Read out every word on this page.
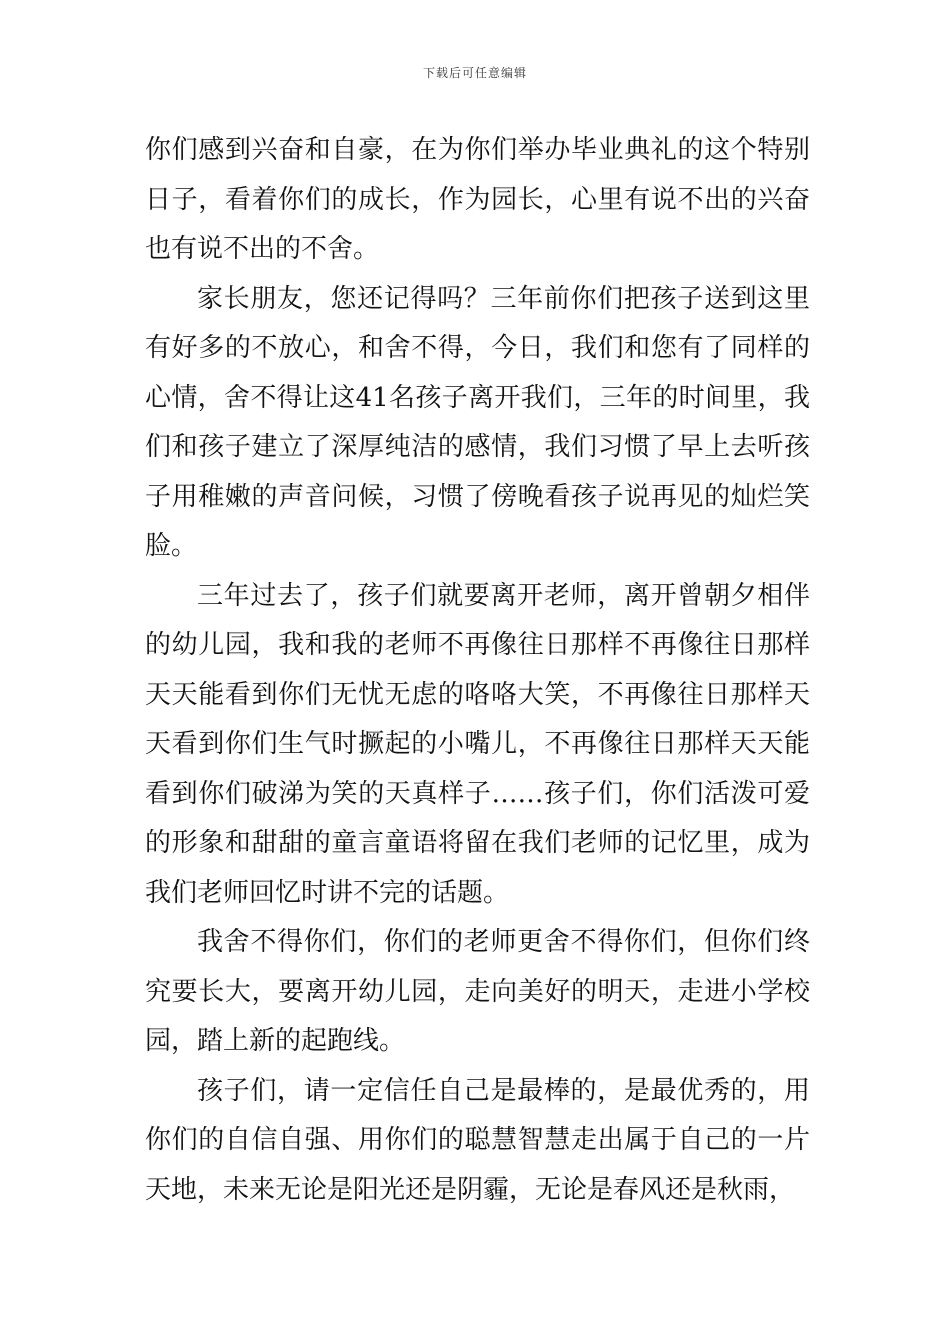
下载后可任意编辑

你们感到兴奋和自豪，在为你们举办毕业典礼的这个特别日子，看着你们的成长，作为园长，心里有说不出的兴奋也有说不出的不舍。

家长朋友，您还记得吗？三年前你们把孩子送到这里有好多的不放心，和舍不得，今日，我们和您有了同样的心情，舍不得让这41名孩子离开我们，三年的时间里，我们和孩子建立了深厚纯洁的感情，我们习惯了早上去听孩子用稚嫩的声音问候，习惯了傍晚看孩子说再见的灿烂笑脸。

三年过去了，孩子们就要离开老师，离开曾朝夕相伴的幼儿园，我和我的老师不再像往日那样不再像往日那样天天能看到你们无忧无虑的咯咯大笑，不再像往日那样天天看到你们生气时撅起的小嘴儿，不再像往日那样天天能看到你们破涕为笑的天真样子……孩子们，你们活泼可爱的形象和甜甜的童言童语将留在我们老师的记忆里，成为我们老师回忆时讲不完的话题。

我舍不得你们，你们的老师更舍不得你们，但你们终究要长大，要离开幼儿园，走向美好的明天，走进小学校园，踏上新的起跑线。

孩子们，请一定信任自己是最棒的，是最优秀的，用你们的自信自强、用你们的聪慧智慧走出属于自己的一片天地，未来无论是阳光还是阴霾，无论是春风还是秋雨，
